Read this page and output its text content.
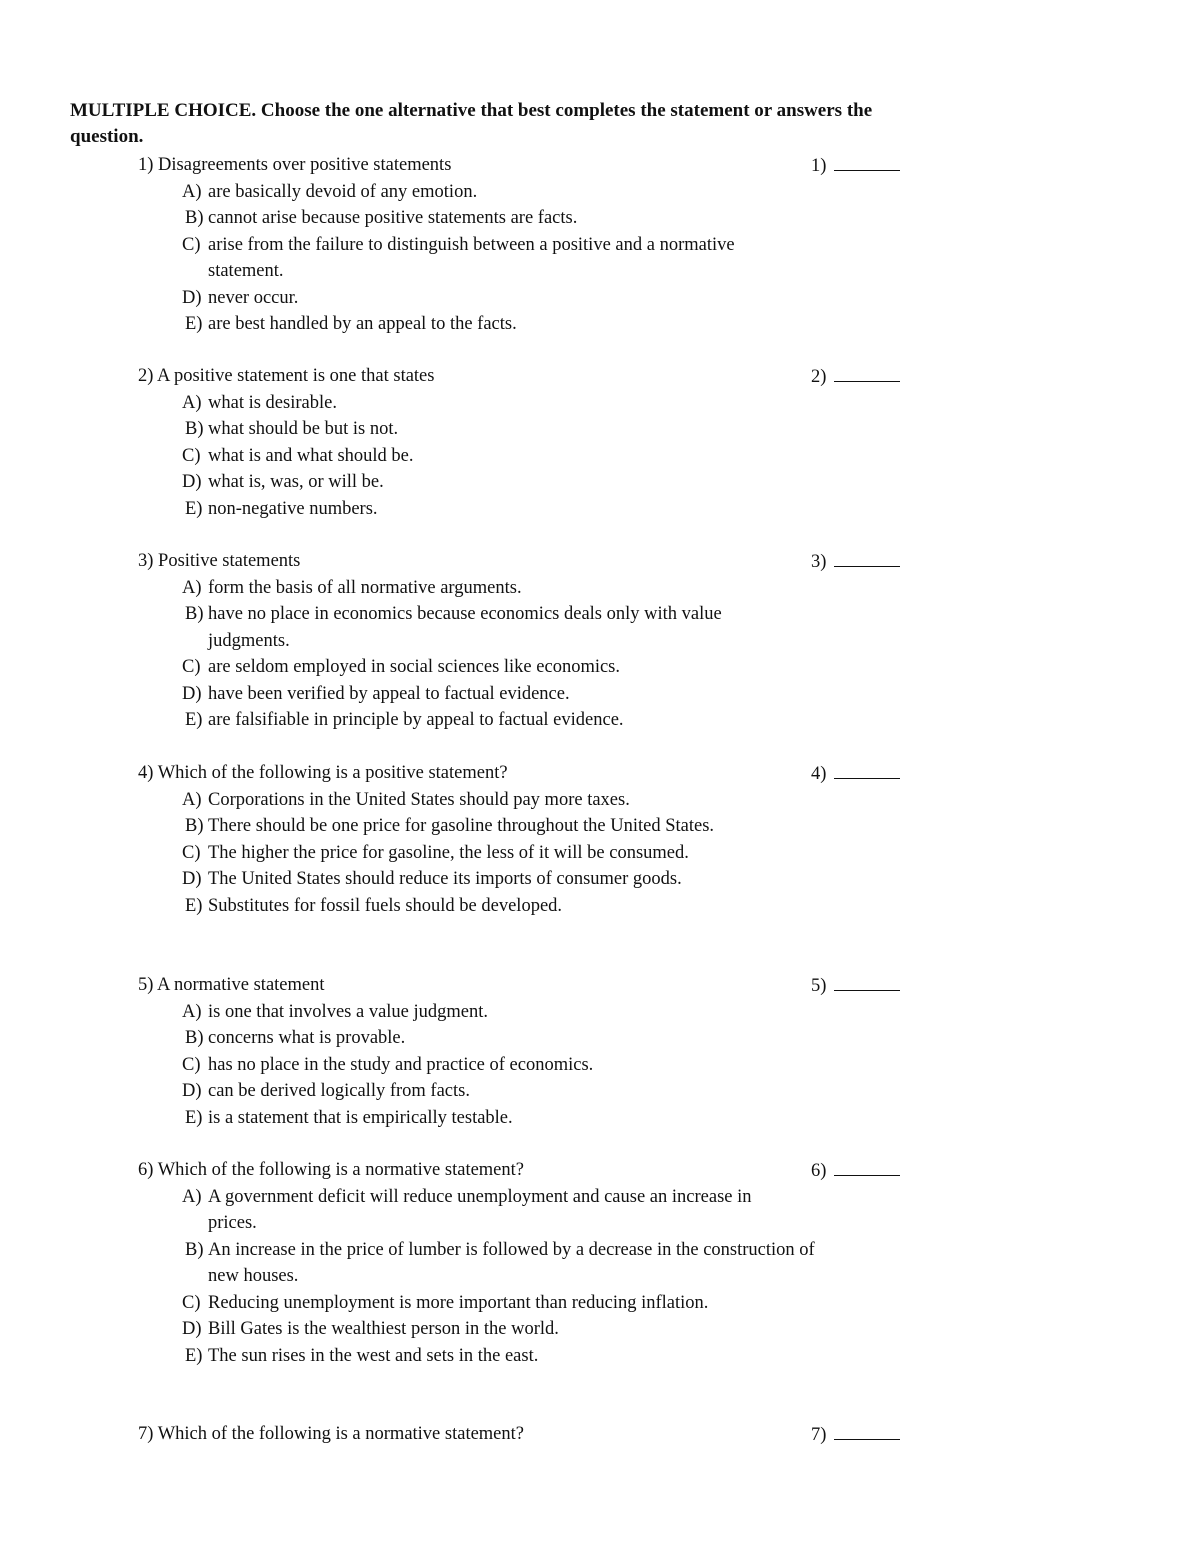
MULTIPLE CHOICE. Choose the one alternative that best completes the statement or answers the question.
1) Disagreements over positive statements	1)
A) are basically devoid of any emotion.
B) cannot arise because positive statements are facts.
C) arise from the failure to distinguish between a positive and a normative statement.
D) never occur.
E) are best handled by an appeal to the facts.
2) A positive statement is one that states	2)
A) what is desirable.
B) what should be but is not.
C) what is and what should be.
D) what is, was, or will be.
E) non-negative numbers.
3) Positive statements	3)
A) form the basis of all normative arguments.
B) have no place in economics because economics deals only with value judgments.
C) are seldom employed in social sciences like economics.
D) have been verified by appeal to factual evidence.
E) are falsifiable in principle by appeal to factual evidence.
4) Which of the following is a positive statement?	4)
A) Corporations in the United States should pay more taxes.
B) There should be one price for gasoline throughout the United States.
C) The higher the price for gasoline, the less of it will be consumed.
D) The United States should reduce its imports of consumer goods.
E) Substitutes for fossil fuels should be developed.
5) A normative statement	5)
A) is one that involves a value judgment.
B) concerns what is provable.
C) has no place in the study and practice of economics.
D) can be derived logically from facts.
E) is a statement that is empirically testable.
6) Which of the following is a normative statement?	6)
A) A government deficit will reduce unemployment and cause an increase in prices.
B) An increase in the price of lumber is followed by a decrease in the construction of new houses.
C) Reducing unemployment is more important than reducing inflation.
D) Bill Gates is the wealthiest person in the world.
E) The sun rises in the west and sets in the east.
7) Which of the following is a normative statement?	7)
